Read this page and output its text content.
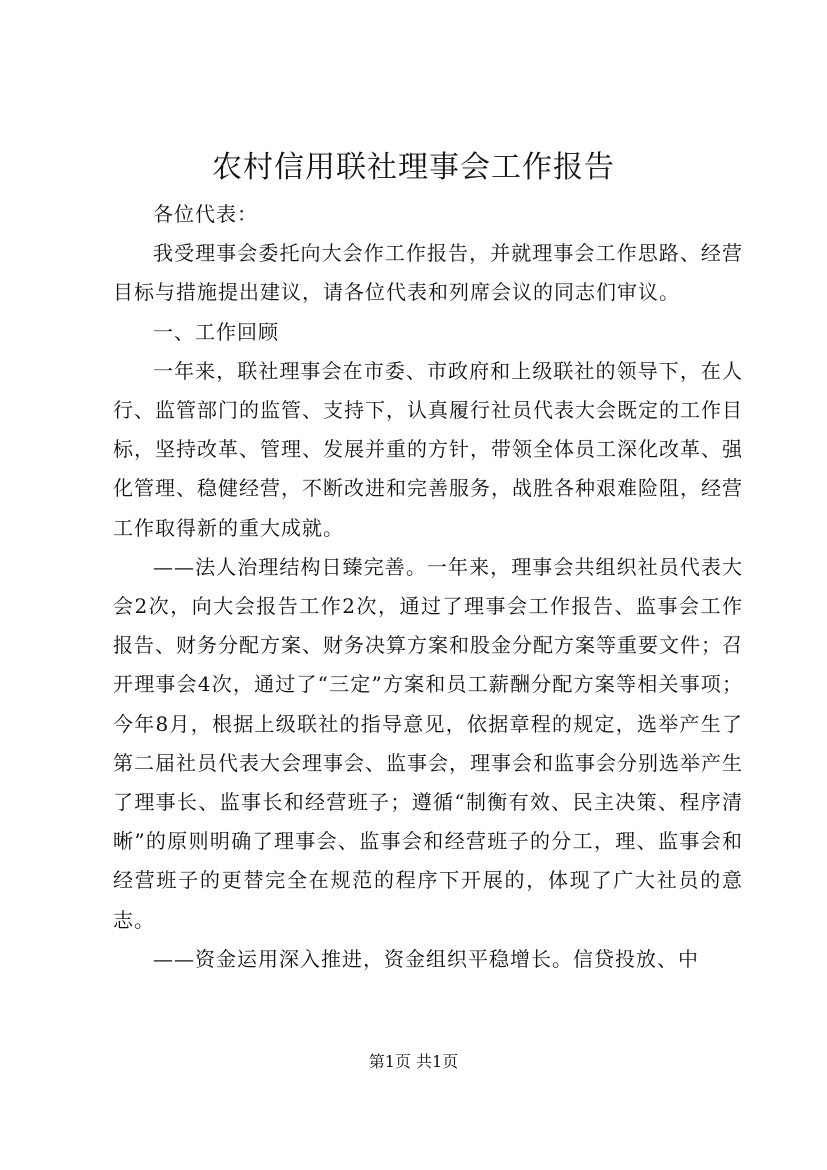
农村信用联社理事会工作报告

各位代表：

我受理事会委托向大会作工作报告，并就理事会工作思路、经营目标与措施提出建议，请各位代表和列席会议的同志们审议。

一、工作回顾

一年来，联社理事会在市委、市政府和上级联社的领导下，在人行、监管部门的监管、支持下，认真履行社员代表大会既定的工作目标，坚持改革、管理、发展并重的方针，带领全体员工深化改革、强化管理、稳健经营，不断改进和完善服务，战胜各种艰难险阻，经营工作取得新的重大成就。

——法人治理结构日臻完善。一年来，理事会共组织社员代表大会2次，向大会报告工作2次，通过了理事会工作报告、监事会工作报告、财务分配方案、财务决算方案和股金分配方案等重要文件；召开理事会4次，通过了“三定”方案和员工薪酬分配方案等相关事项；今年8月，根据上级联社的指导意见，依据章程的规定，选举产生了第二届社员代表大会理事会、监事会，理事会和监事会分别选举产生了理事长、监事长和经营班子；遵循“制衡有效、民主决策、程序清晰”的原则明确了理事会、监事会和经营班子的分工，理、监事会和经营班子的更替完全在规范的程序下开展的，体现了广大社员的意志。

——资金运用深入推进，资金组织平稳增长。信贷投放、中

第1页 共1页
